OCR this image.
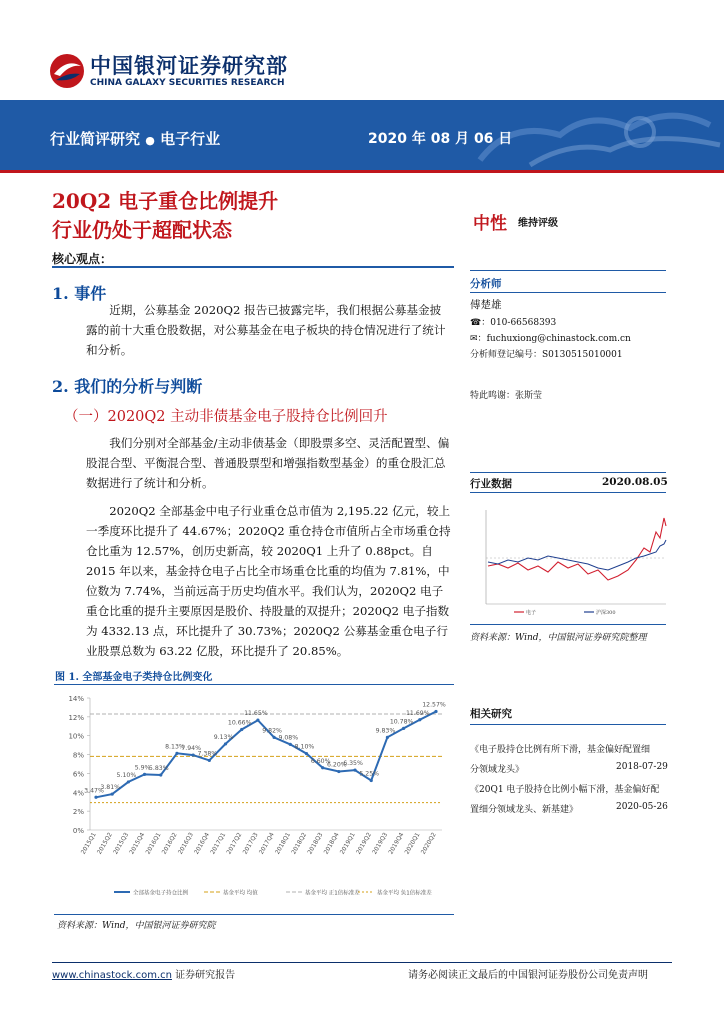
中国银河证券研究部
CHINA GALAXY SECURITIES RESEARCH
行业简评研究 ● 电子行业	2020 年 08 月 06 日
20Q2 电子重仓比例提升
行业仍处于超配状态	中性 维持评级
核心观点：
1. 事件

近期，公募基金 2020Q2 报告已披露完毕，我们根据公募基金披露的前十大重仓股数据，对公募基金在电子板块的持仓情况进行了统计和分析。

2. 我们的分析与判断
（一）2020Q2 主动非债基金电子股持仓比例回升

我们分别对全部基金/主动非债基金（即股票多空、灵活配置型、偏股混合型、平衡混合型、普通股票型和增强指数型基金）的重仓股汇总数据进行了统计和分析。

2020Q2 全部基金中电子行业重仓总市值为 2,195.22 亿元，较上一季度环比提升了 44.67%；2020Q2 重仓持仓市值所占全市场重仓持仓比重为 12.57%，创历史新高，较 2020Q1 上升了 0.88pct。自 2015 年以来，基金持仓电子占比全市场重仓比重的均值为 7.81%，中位数为 7.74%，当前远高于历史均值水平。我们认为，2020Q2 电子重仓比重的提升主要原因是股价、持股量的双提升；2020Q2 电子指数为 4332.13 点，环比提升了 30.73%；2020Q2 公募基金重仓电子行业股票总数为 63.22 亿股，环比提升了 20.85%。

分析师
傅楚雄
☎：010-66568393
✉：fuchuxiong@chinastock.com.cn
分析师登记编号：S0130515010001
特此鸣谢：张斯莹
行业数据	2020.08.05
电子	沪深300
资料来源：Wind，中国银河证券研究院整理
相关研究
《电子股持仓比例有所下滑，基金偏好配置细
分领域龙头》	2018-07-29
《20Q1 电子股持仓比例小幅下滑，基金偏好配
置细分领域龙头、新基建》	2020-05-26
图 1. 全部基金电子类持仓比例变化
0%
2%
4%
6%
8%
10%
12%
14%
2015Q1
2015Q2
2015Q3
2015Q4
2016Q1
2016Q2
2016Q3
2016Q4
2017Q1
2017Q2
2017Q3
2017Q4
2018Q1
2018Q2
2018Q3
2018Q4
2019Q1
2019Q2
2019Q3
2019Q4
2020Q1
2020Q2
3.47%
3.81%
5.10%
5.9%
5.83%
8.13%
7.94%
7.38%
9.13%
10.66%
11.65%
9.82%
9.08%
8.10%
6.60%
6.20%
6.35%
5.25%
9.83%
10.78%
11.69%
12.57%
全部基金电子持仓比例	基金平均 均值	基金平均 正1倍标准差	基金平均 负1倍标准差
资料来源：Wind，中国银河证券研究院
www.chinastock.com.cn 证券研究报告	请务必阅读正文最后的中国银河证券股份公司免责声明
